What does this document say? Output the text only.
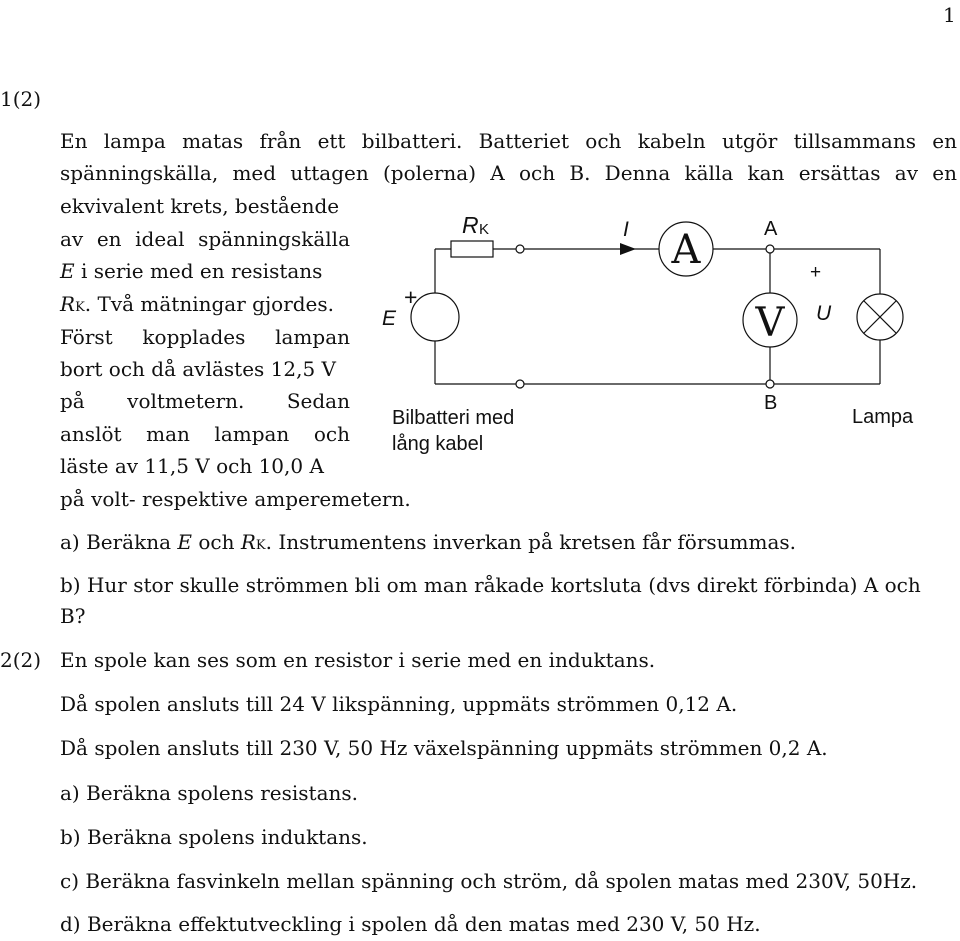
1
1(2)
En lampa matas från ett bilbatteri. Batteriet och kabeln utgör tillsammans en
spänningskälla, med uttagen (polerna) A och B. Denna källa kan ersättas av en
ekvivalent krets, bestående
av en ideal spänningskälla
E i serie med en resistans
RK. Två mätningar gjordes.
Först kopplades lampan
bort och då avlästes 12,5 V
på voltmetern. Sedan
anslöt man lampan och
läste av 11,5 V och 10,0 A
på volt- respektive amperemetern.
R K	I A	A
+
E	V
+
U
B
Bilbatteri med
lång kabel
Lampa
a) Beräkna E och RK. Instrumentens inverkan på kretsen får försummas.
b) Hur stor skulle strömmen bli om man råkade kortsluta (dvs direkt förbinda) A och
B?
2(2) En spole kan ses som en resistor i serie med en induktans.
Då spolen ansluts till 24 V likspänning, uppmäts strömmen 0,12 A.
Då spolen ansluts till 230 V, 50 Hz växelspänning uppmäts strömmen 0,2 A.
a) Beräkna spolens resistans.
b) Beräkna spolens induktans.
c) Beräkna fasvinkeln mellan spänning och ström, då spolen matas med 230V, 50Hz.
d) Beräkna effektutveckling i spolen då den matas med 230 V, 50 Hz.
